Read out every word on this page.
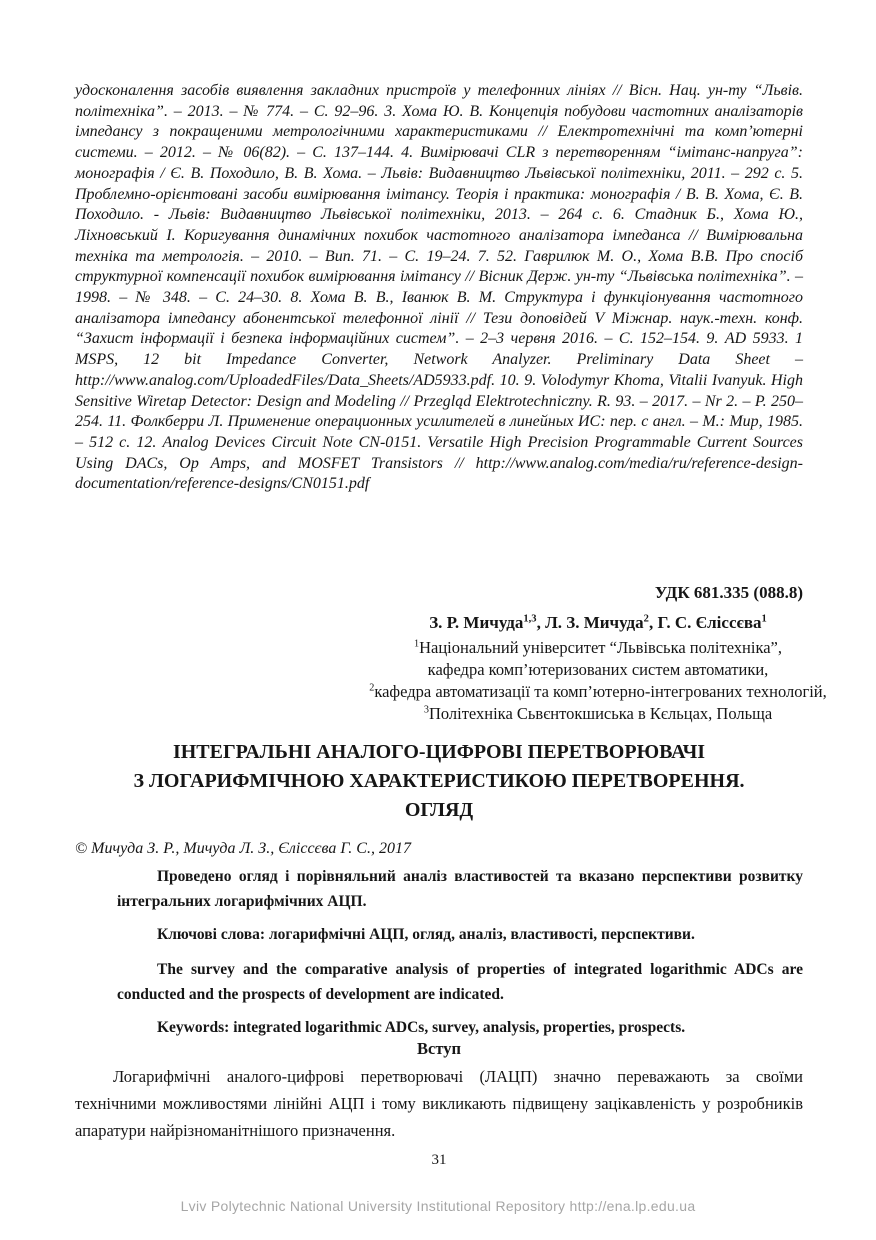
удосконалення засобів виявлення закладних пристроїв у телефонних лініях // Вісн. Нац. ун-ту “Львів. політехніка”. – 2013. – № 774. – С. 92–96. 3. Хома Ю. В. Концепція побудови частотних аналізаторів імпедансу з покращеними метрологічними характеристиками // Електротехнічні та комп’ютерні системи. – 2012. – № 06(82). – С. 137–144. 4. Вимірювачі CLR з перетворенням “імітанс-напруга”: монографія / Є. В. Походило, В. В. Хома. – Львів: Видавництво Львівської політехніки, 2011. – 292 с. 5. Проблемно-орієнтовані засоби вимірювання імітансу. Теорія і практика: монографія / В. В. Хома, Є. В. Походило. - Львів: Видавництво Львівської політехніки, 2013. – 264 с. 6. Стадник Б., Хома Ю., Ліхновський І. Коригування динамічних похибок частотного аналізатора імпеданса // Вимірювальна техніка та метрологія. – 2010. – Вип. 71. – С. 19–24. 7. 52. Гаврилюк М. О., Хома В.В. Про спосіб структурної компенсації похибок вимірювання імітансу // Вісник Держ. ун-ту “Львівська політехніка”. – 1998. – № 348. – С. 24–30. 8. Хома В. В., Іванюк В. М. Структура і функціонування частотного аналізатора імпедансу абонентської телефонної лінії // Тези доповідей V Міжнар. наук.-техн. конф. “Захист інформації і безпека інформаційних систем”. – 2–3 червня 2016. – С. 152–154. 9. AD 5933. 1 MSPS, 12 bit Impedance Converter, Network Analyzer. Preliminary Data Sheet –http://www.analog.com/UploadedFiles/Data_Sheets/AD5933.pdf. 10. 9. Volodymyr Khoma, Vitalii Ivanyuk. High Sensitive Wiretap Detector: Design and Modeling // Przegląd Elektrotechniczny. R. 93. – 2017. – Nr 2. – P. 250–254. 11. Фолкберри Л. Применение операционных усилителей в линейных ИС: пер. с англ. – М.: Мир, 1985. – 512 с. 12. Analog Devices Circuit Note CN-0151. Versatile High Precision Programmable Current Sources Using DACs, Op Amps, and MOSFET Transistors // http://www.analog.com/media/ru/reference-design-documentation/reference-designs/CN0151.pdf

УДК 681.335 (088.8)
З. Р. Мичуда$^{1,3}$, Л. З. Мичуда$^2$, Г. С. Єліссєва$^1$
$^1$Національний університет “Львівська політехніка”,
кафедра комп’ютеризованих систем автоматики,
$^2$кафедра автоматизації та комп’ютерно-інтегрованих технологій,
$^3$Політехніка Сьвєнтокшиська в Кєльцах, Польща
ІНТЕГРАЛЬНІ АНАЛОГО-ЦИФРОВІ ПЕРЕТВОРЮВАЧІ
З ЛОГАРИФМІЧНОЮ ХАРАКТЕРИСТИКОЮ ПЕРЕТВОРЕННЯ.
ОГЛЯД
© Мичуда З. Р., Мичуда Л. З., Єліссєва Г. С., 2017

Проведено огляд і порівняльний аналіз властивостей та вказано перспективи розвитку інтегральних логарифмічних АЦП.

Ключові слова: логарифмічні АЦП, огляд, аналіз, властивості, перспективи.

The survey and the comparative analysis of properties of integrated logarithmic ADCs are conducted and the prospects of development are indicated.

Keywords: integrated logarithmic ADCs, survey, analysis, properties, prospects.

Вступ

Логарифмічні аналого-цифрові перетворювачі (ЛАЦП) значно переважають за своїми технічними можливостями лінійні АЦП і тому викликають підвищену зацікавленість у розробників апаратури найрізноманітнішого призначення.

31
Lviv Polytechnic National University Institutional Repository http://ena.lp.edu.ua
